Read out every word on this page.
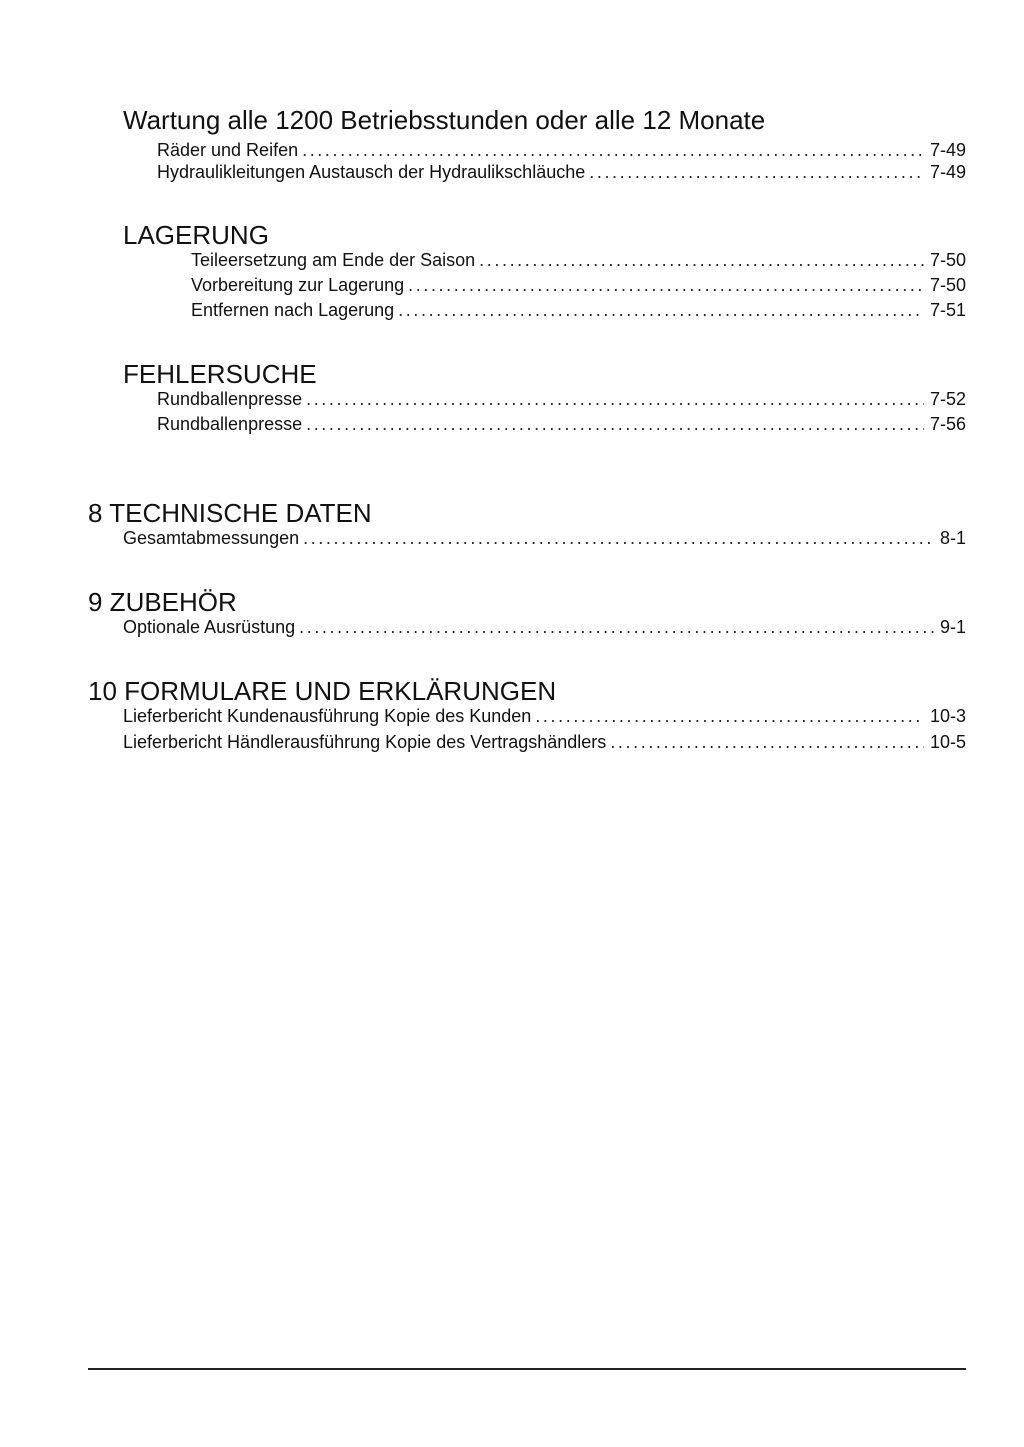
Wartung alle 1200 Betriebsstunden oder alle 12 Monate
Räder und Reifen .....	7-49
Hydraulikleitungen Austausch der Hydraulikschläuche .....	7-49
LAGERUNG
Teileersetzung am Ende der Saison .....	7-50
Vorbereitung zur Lagerung .....	7-50
Entfernen nach Lagerung .....	7-51
FEHLERSUCHE
Rundballenpresse .....	7-52
Rundballenpresse .....	7-56
8 TECHNISCHE DATEN
Gesamtabmessungen .....	8-1
9 ZUBEHÖR
Optionale Ausrüstung .....	9-1
10 FORMULARE UND ERKLÄRUNGEN
Lieferbericht Kundenausführung Kopie des Kunden .....	10-3
Lieferbericht Händlerausführung Kopie des Vertragshändlers .....	10-5
